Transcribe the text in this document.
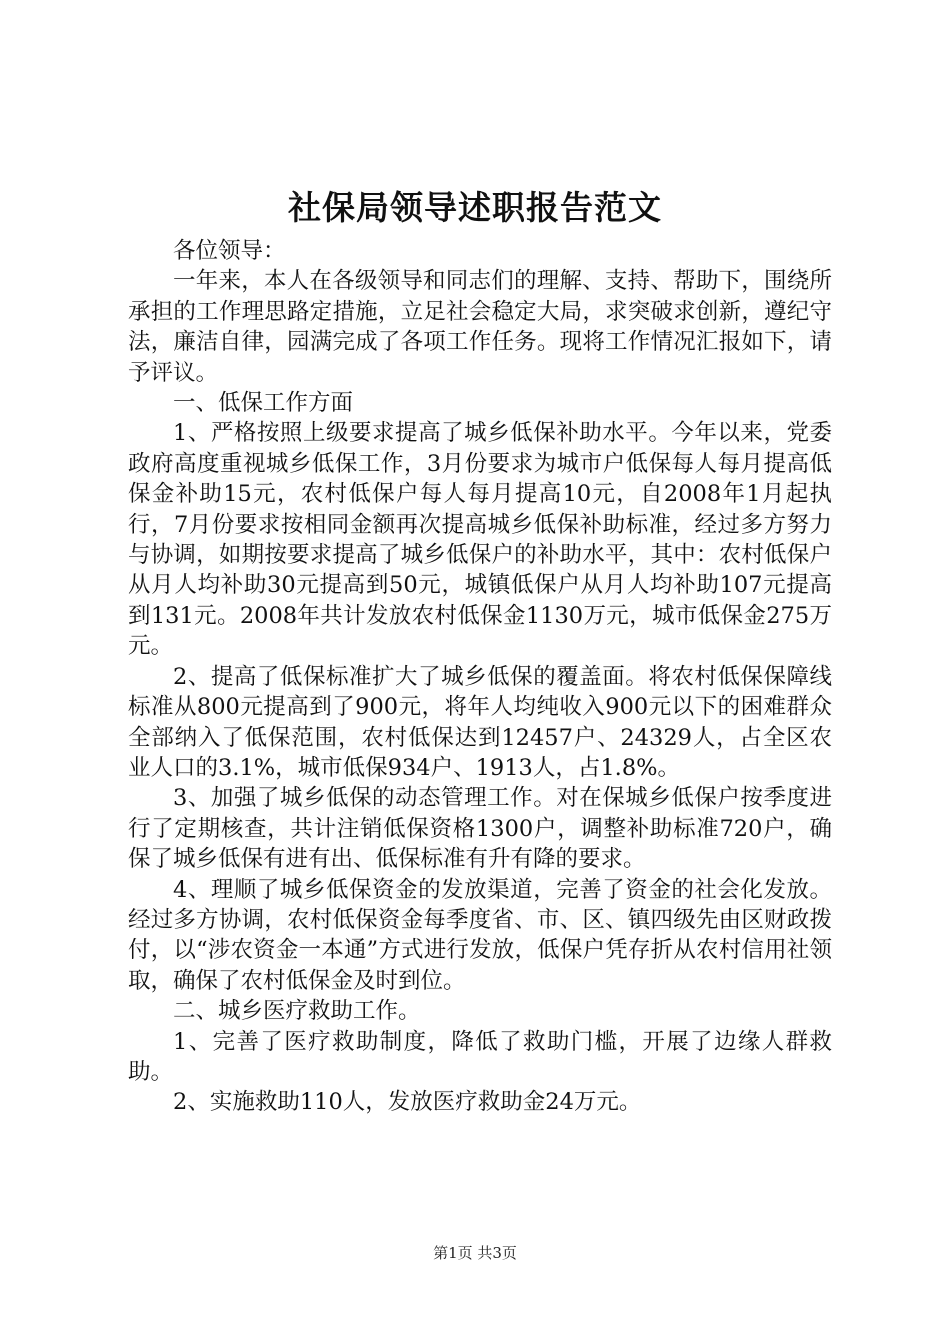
社保局领导述职报告范文

各位领导：

一年来，本人在各级领导和同志们的理解、支持、帮助下，围绕所承担的工作理思路定措施，立足社会稳定大局，求突破求创新，遵纪守法，廉洁自律，园满完成了各项工作任务。现将工作情况汇报如下，请予评议。

一、低保工作方面

1、严格按照上级要求提高了城乡低保补助水平。今年以来，党委政府高度重视城乡低保工作，3月份要求为城市户低保每人每月提高低保金补助15元，农村低保户每人每月提高10元，自2008年1月起执行，7月份要求按相同金额再次提高城乡低保补助标准，经过多方努力与协调，如期按要求提高了城乡低保户的补助水平，其中：农村低保户从月人均补助30元提高到50元，城镇低保户从月人均补助107元提高到131元。2008年共计发放农村低保金1130万元，城市低保金275万元。

2、提高了低保标准扩大了城乡低保的覆盖面。将农村低保保障线标准从800元提高到了900元，将年人均纯收入900元以下的困难群众全部纳入了低保范围，农村低保达到12457户、24329人，占全区农业人口的3.1%，城市低保934户、1913人，占1.8%。

3、加强了城乡低保的动态管理工作。对在保城乡低保户按季度进行了定期核查，共计注销低保资格1300户，调整补助标准720户，确保了城乡低保有进有出、低保标准有升有降的要求。

4、理顺了城乡低保资金的发放渠道，完善了资金的社会化发放。经过多方协调，农村低保资金每季度省、市、区、镇四级先由区财政拨付，以“涉农资金一本通”方式进行发放，低保户凭存折从农村信用社领取，确保了农村低保金及时到位。

二、城乡医疗救助工作。

1、完善了医疗救助制度，降低了救助门槛，开展了边缘人群救助。

2、实施救助110人，发放医疗救助金24万元。

第1页 共3页
